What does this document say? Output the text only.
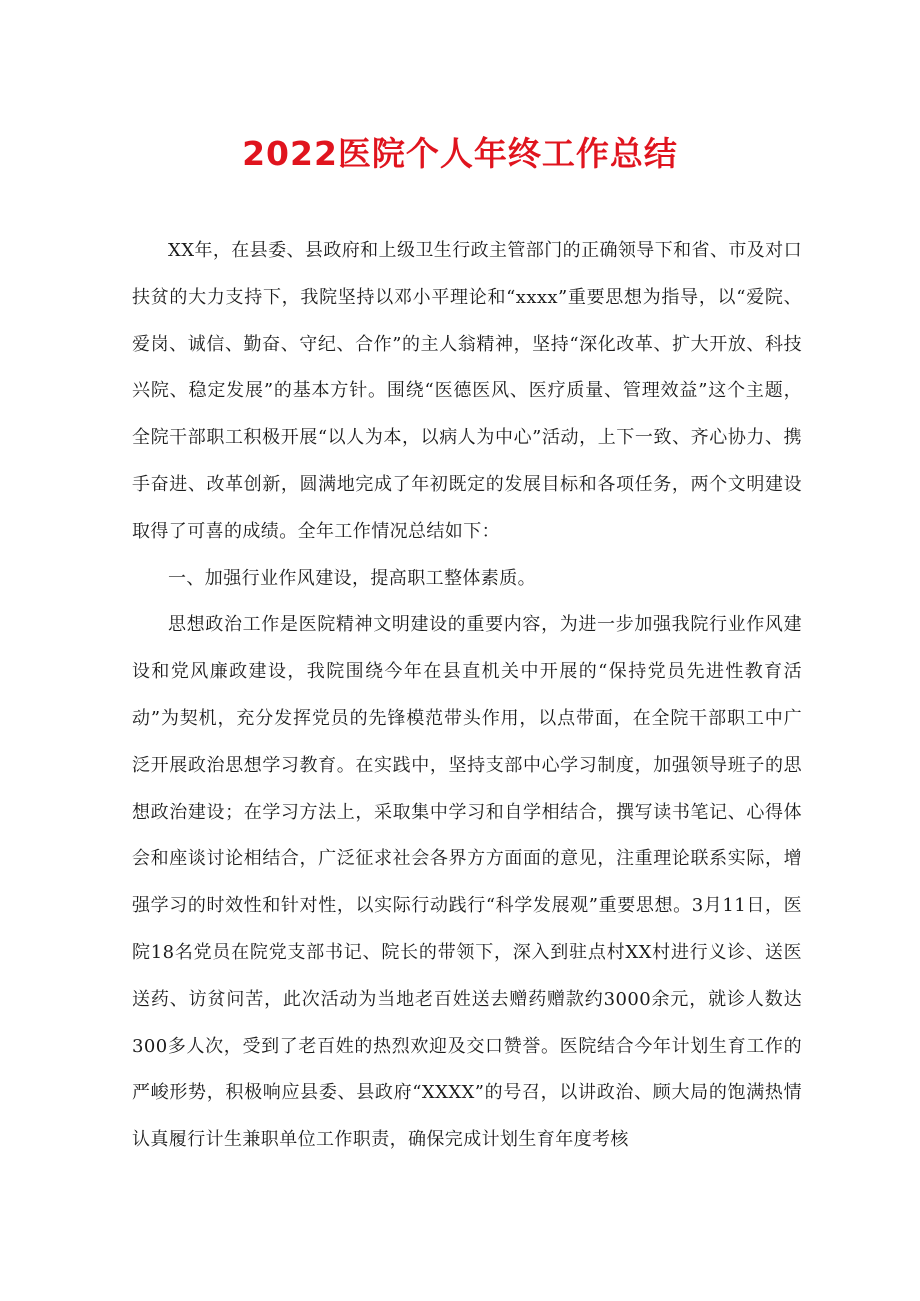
2022医院个人年终工作总结

XX年，在县委、县政府和上级卫生行政主管部门的正确领导下和省、市及对口扶贫的大力支持下，我院坚持以邓小平理论和“xxxx”重要思想为指导，以“爱院、爱岗、诚信、勤奋、守纪、合作”的主人翁精神，坚持“深化改革、扩大开放、科技兴院、稳定发展”的基本方针。围绕“医德医风、医疗质量、管理效益”这个主题，全院干部职工积极开展“以人为本，以病人为中心”活动，上下一致、齐心协力、携手奋进、改革创新，圆满地完成了年初既定的发展目标和各项任务，两个文明建设取得了可喜的成绩。全年工作情况总结如下：

一、加强行业作风建设，提高职工整体素质。

思想政治工作是医院精神文明建设的重要内容，为进一步加强我院行业作风建设和党风廉政建设，我院围绕今年在县直机关中开展的“保持党员先进性教育活动”为契机，充分发挥党员的先锋模范带头作用，以点带面，在全院干部职工中广泛开展政治思想学习教育。在实践中，坚持支部中心学习制度，加强领导班子的思想政治建设；在学习方法上，采取集中学习和自学相结合，撰写读书笔记、心得体会和座谈讨论相结合，广泛征求社会各界方方面面的意见，注重理论联系实际，增强学习的时效性和针对性，以实际行动践行“科学发展观”重要思想。3月11日，医院18名党员在院党支部书记、院长的带领下，深入到驻点村XX村进行义诊、送医送药、访贫问苦，此次活动为当地老百姓送去赠药赠款约3000余元，就诊人数达300多人次，受到了老百姓的热烈欢迎及交口赞誉。医院结合今年计划生育工作的严峻形势，积极响应县委、县政府“XXXX”的号召，以讲政治、顾大局的饱满热情认真履行计生兼职单位工作职责，确保完成计划生育年度考核
